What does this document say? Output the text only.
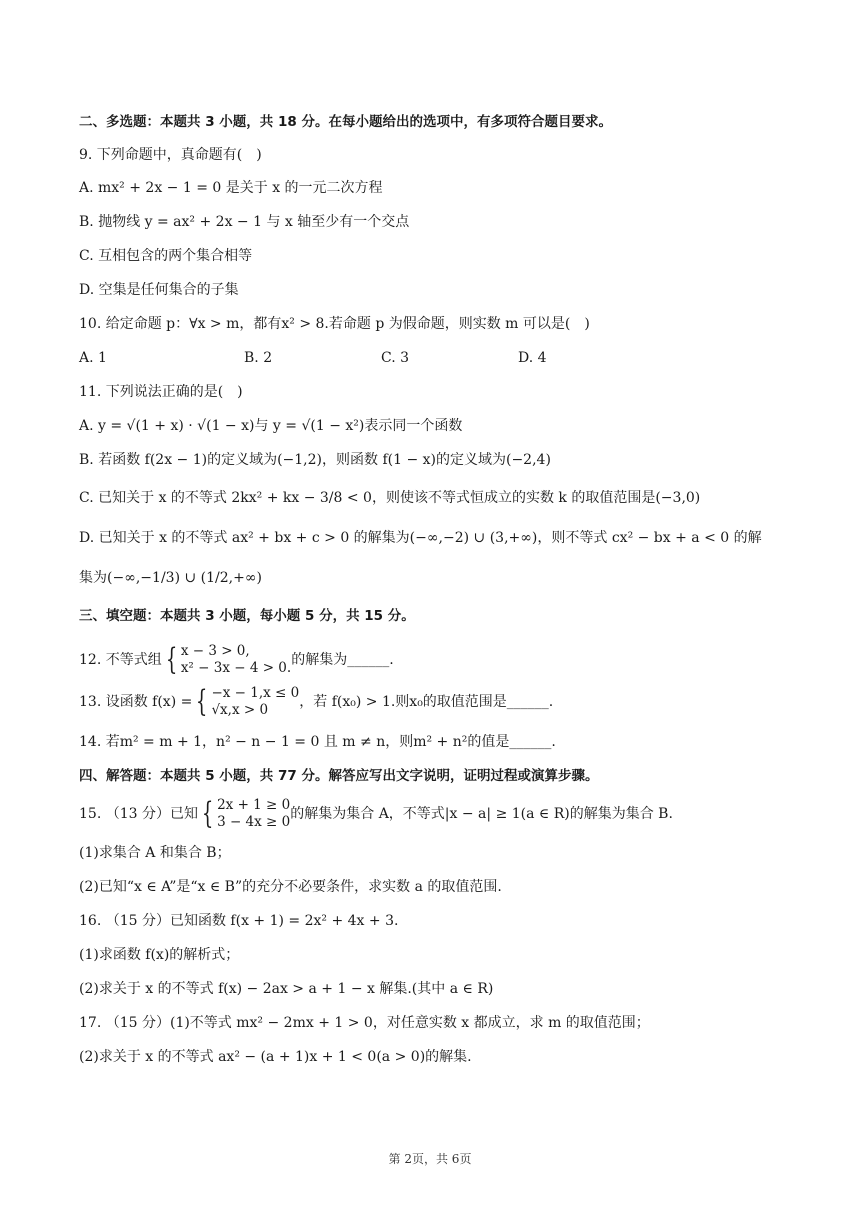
二、多选题：本题共 3 小题，共 18 分。在每小题给出的选项中，有多项符合题目要求。
9. 下列命题中，真命题有(　)
A. mx² + 2x − 1 = 0 是关于 x 的一元二次方程
B. 抛物线 y = ax² + 2x − 1 与 x 轴至少有一个交点
C. 互相包含的两个集合相等
D. 空集是任何集合的子集
10. 给定命题 p：∀x > m，都有x² > 8.若命题 p 为假命题，则实数 m 可以是(　)
A. 1	B. 2	C. 3	D. 4
11. 下列说法正确的是(　)
A. y = √(1 + x) · √(1 − x)与 y = √(1 − x²)表示同一个函数
B. 若函数 f(2x − 1)的定义域为(−1,2)，则函数 f(1 − x)的定义域为(−2,4)
C. 已知关于 x 的不等式 2kx² + kx − 3/8 < 0，则使该不等式恒成立的实数 k 的取值范围是(−3,0)
D. 已知关于 x 的不等式 ax² + bx + c > 0 的解集为(−∞,−2) ∪ (3,+∞)，则不等式 cx² − bx + a < 0 的解
集为(−∞,−1/3) ∪ (1/2,+∞)
三、填空题：本题共 3 小题，每小题 5 分，共 15 分。
12. 不等式组 { x − 3 > 0,
x² − 3x − 4 > 0. 的解集为______.
13. 设函数 f(x) = { −x − 1,x ≤ 0
√x,x > 0	，若 f(x₀) > 1.则x₀的取值范围是______.
14. 若m² = m + 1，n² − n − 1 = 0 且 m ≠ n，则m² + n²的值是______.
四、解答题：本题共 5 小题，共 77 分。解答应写出文字说明，证明过程或演算步骤。
15. （13 分）已知 { 2x + 1 ≥ 0
3 − 4x ≥ 0 的解集为集合 A，不等式|x − a| ≥ 1(a ∈ R)的解集为集合 B.
(1)求集合 A 和集合 B；
(2)已知“x ∈ A”是“x ∈ B”的充分不必要条件，求实数 a 的取值范围.
16. （15 分）已知函数 f(x + 1) = 2x² + 4x + 3.
(1)求函数 f(x)的解析式；
(2)求关于 x 的不等式 f(x) − 2ax > a + 1 − x 解集.(其中 a ∈ R)
17. （15 分）(1)不等式 mx² − 2mx + 1 > 0，对任意实数 x 都成立，求 m 的取值范围；
(2)求关于 x 的不等式 ax² − (a + 1)x + 1 < 0(a > 0)的解集.
第 2页，共 6页
